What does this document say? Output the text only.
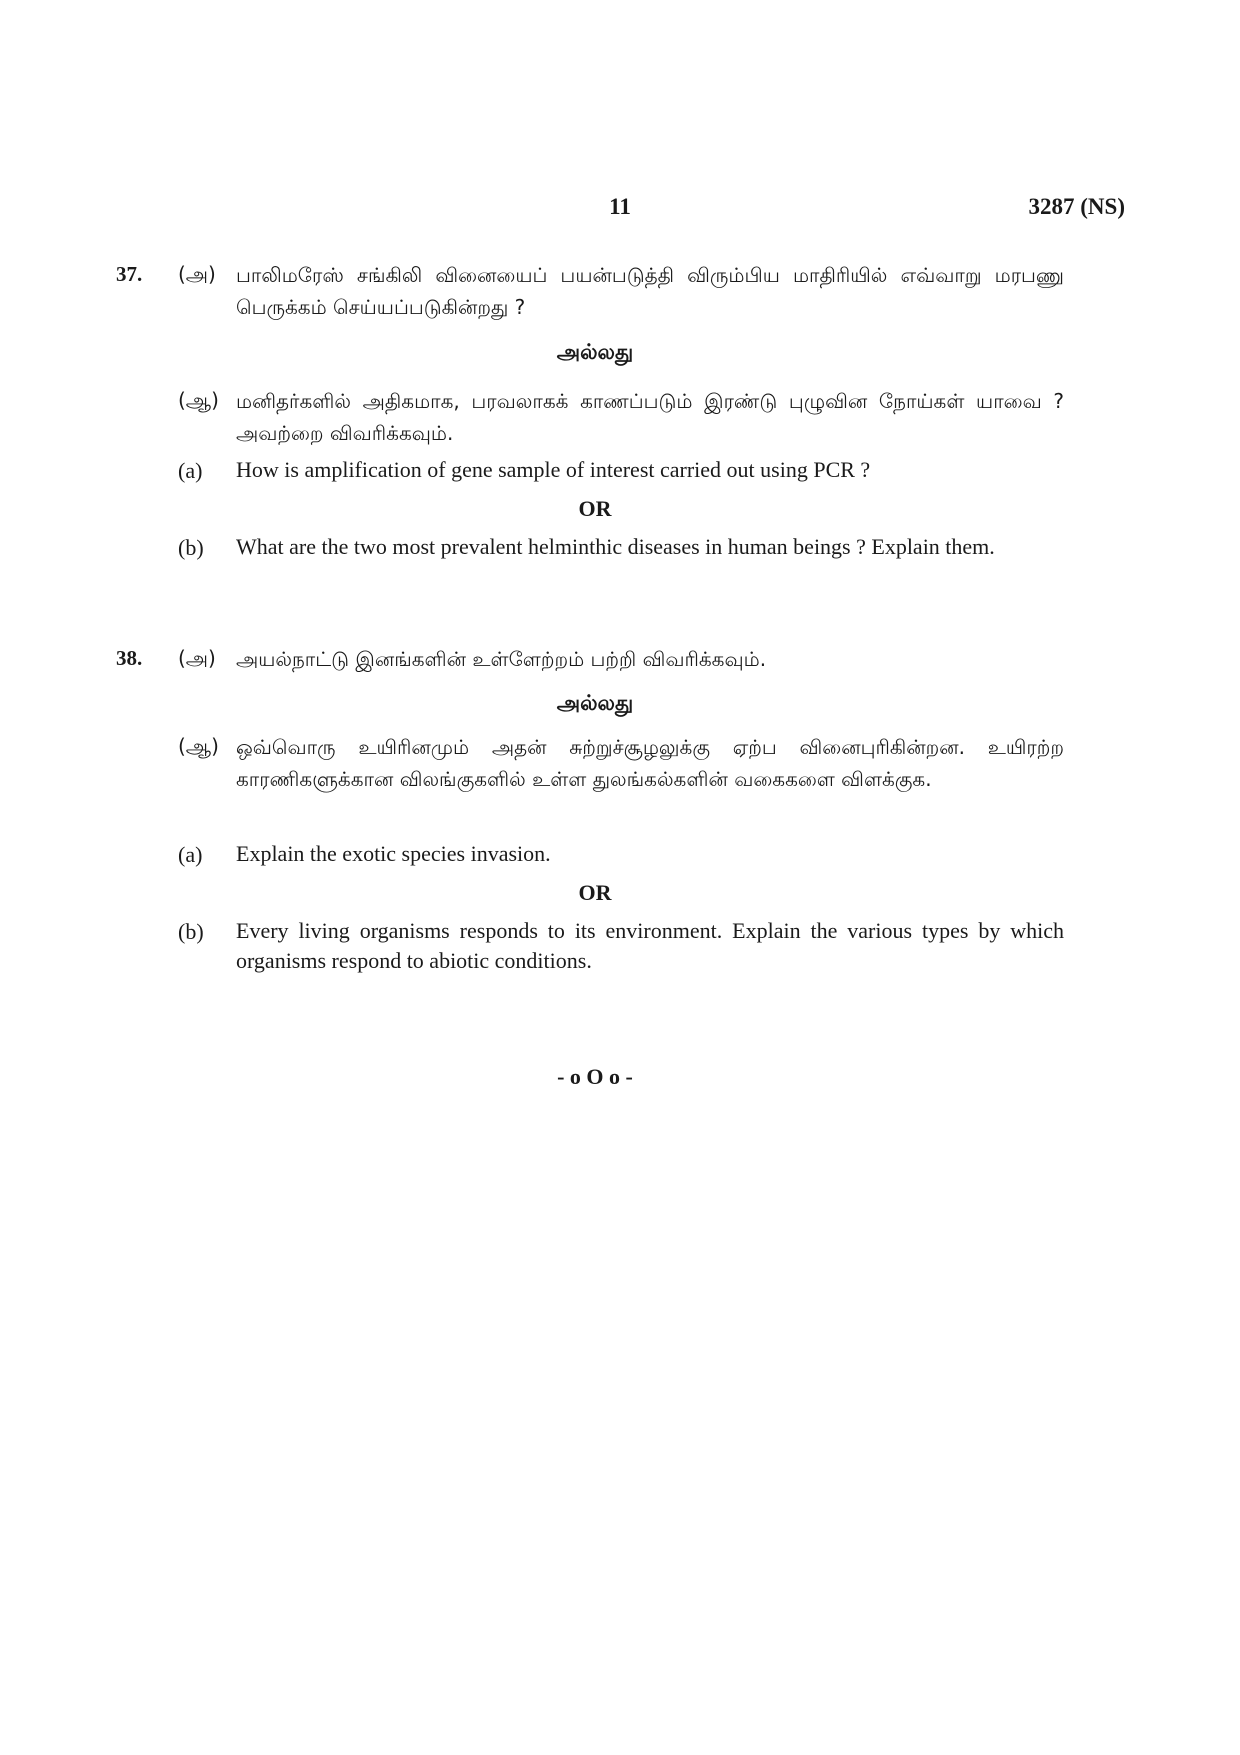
11	3287 (NS)
37. (அ) பாலிமரேஸ் சங்கிலி வினையைப் பயன்படுத்தி விரும்பிய மாதிரியில் எவ்வாறு மரபணு பெருக்கம் செய்யப்படுகின்றது ?
அல்லது
(ஆ) மனிதர்களில் அதிகமாக, பரவலாகக் காணப்படும் இரண்டு புழுவின நோய்கள் யாவை ? அவற்றை விவரிக்கவும்.
(a) How is amplification of gene sample of interest carried out using PCR ?
OR
(b) What are the two most prevalent helminthic diseases in human beings ? Explain them.
38. (அ) அயல்நாட்டு இனங்களின் உள்ளேற்றம் பற்றி விவரிக்கவும்.
அல்லது
(ஆ) ஒவ்வொரு உயிரினமும் அதன் சுற்றுச்சூழலுக்கு ஏற்ப வினைபுரிகின்றன. உயிரற்ற காரணிகளுக்கான விலங்குகளில் உள்ள துலங்கல்களின் வகைகளை விளக்குக.
(a) Explain the exotic species invasion.
OR
(b) Every living organisms responds to its environment. Explain the various types by which organisms respond to abiotic conditions.
- o O o -
